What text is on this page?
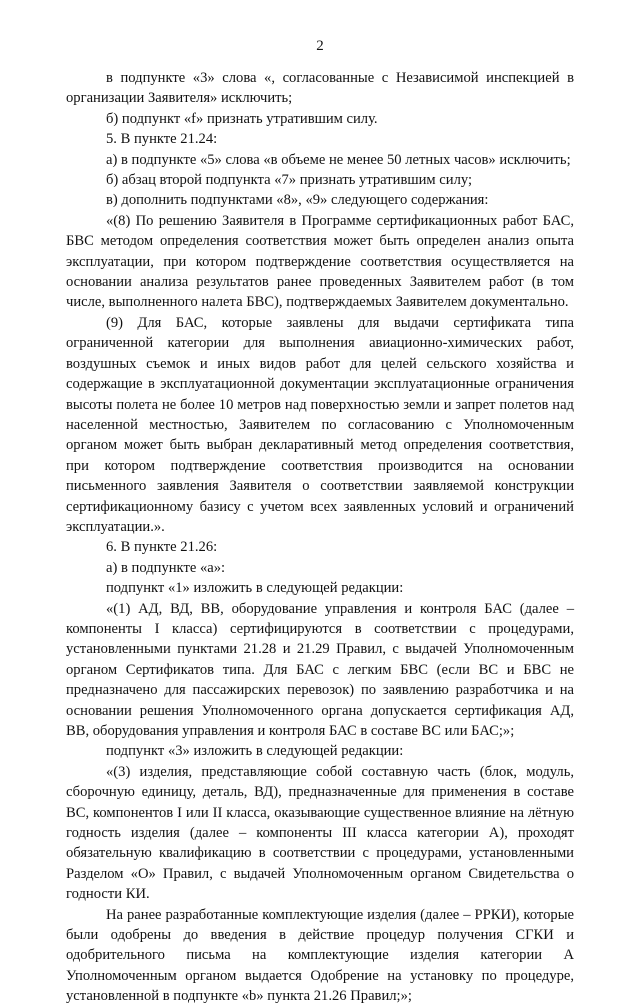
2

в подпункте «3» слова «, согласованные с Независимой инспекцией в организации Заявителя» исключить;

б) подпункт «f» признать утратившим силу.

5. В пункте 21.24:

а) в подпункте «5» слова «в объеме не менее 50 летных часов» исключить;

б) абзац второй подпункта «7» признать утратившим силу;

в) дополнить подпунктами «8», «9» следующего содержания:

«(8) По решению Заявителя в Программе сертификационных работ БАС, БВС методом определения соответствия может быть определен анализ опыта эксплуатации, при котором подтверждение соответствия осуществляется на основании анализа результатов ранее проведенных Заявителем работ (в том числе, выполненного налета БВС), подтверждаемых Заявителем документально.

(9) Для БАС, которые заявлены для выдачи сертификата типа ограниченной категории для выполнения авиационно-химических работ, воздушных съемок и иных видов работ для целей сельского хозяйства и содержащие в эксплуатационной документации эксплуатационные ограничения высоты полета не более 10 метров над поверхностью земли и запрет полетов над населенной местностью, Заявителем по согласованию с Уполномоченным органом может быть выбран декларативный метод определения соответствия, при котором подтверждение соответствия производится на основании письменного заявления Заявителя о соответствии заявляемой конструкции сертификационному базису с учетом всех заявленных условий и ограничений эксплуатации.».

6. В пункте 21.26:

а) в подпункте «a»:

подпункт «1» изложить в следующей редакции:

«(1) АД, ВД, ВВ, оборудование управления и контроля БАС (далее – компоненты I класса) сертифицируются в соответствии с процедурами, установленными пунктами 21.28 и 21.29 Правил, с выдачей Уполномоченным органом Сертификатов типа. Для БАС с легким БВС (если ВС и БВС не предназначено для пассажирских перевозок) по заявлению разработчика и на основании решения Уполномоченного органа допускается сертификация АД, ВВ, оборудования управления и контроля БАС в составе ВС или БАС;»;

подпункт «3» изложить в следующей редакции:

«(3) изделия, представляющие собой составную часть (блок, модуль, сборочную единицу, деталь, ВД), предназначенные для применения в составе ВС, компонентов I или II класса, оказывающие существенное влияние на лётную годность изделия (далее – компоненты III класса категории А), проходят обязательную квалификацию в соответствии с процедурами, установленными Разделом «О» Правил, с выдачей Уполномоченным органом Свидетельства о годности КИ.

На ранее разработанные комплектующие изделия (далее – РРКИ), которые были одобрены до введения в действие процедур получения СГКИ и одобрительного письма на комплектующие изделия категории А Уполномоченным органом выдается Одобрение на установку по процедуре, установленной в подпункте «b» пункта 21.26 Правил;»;
